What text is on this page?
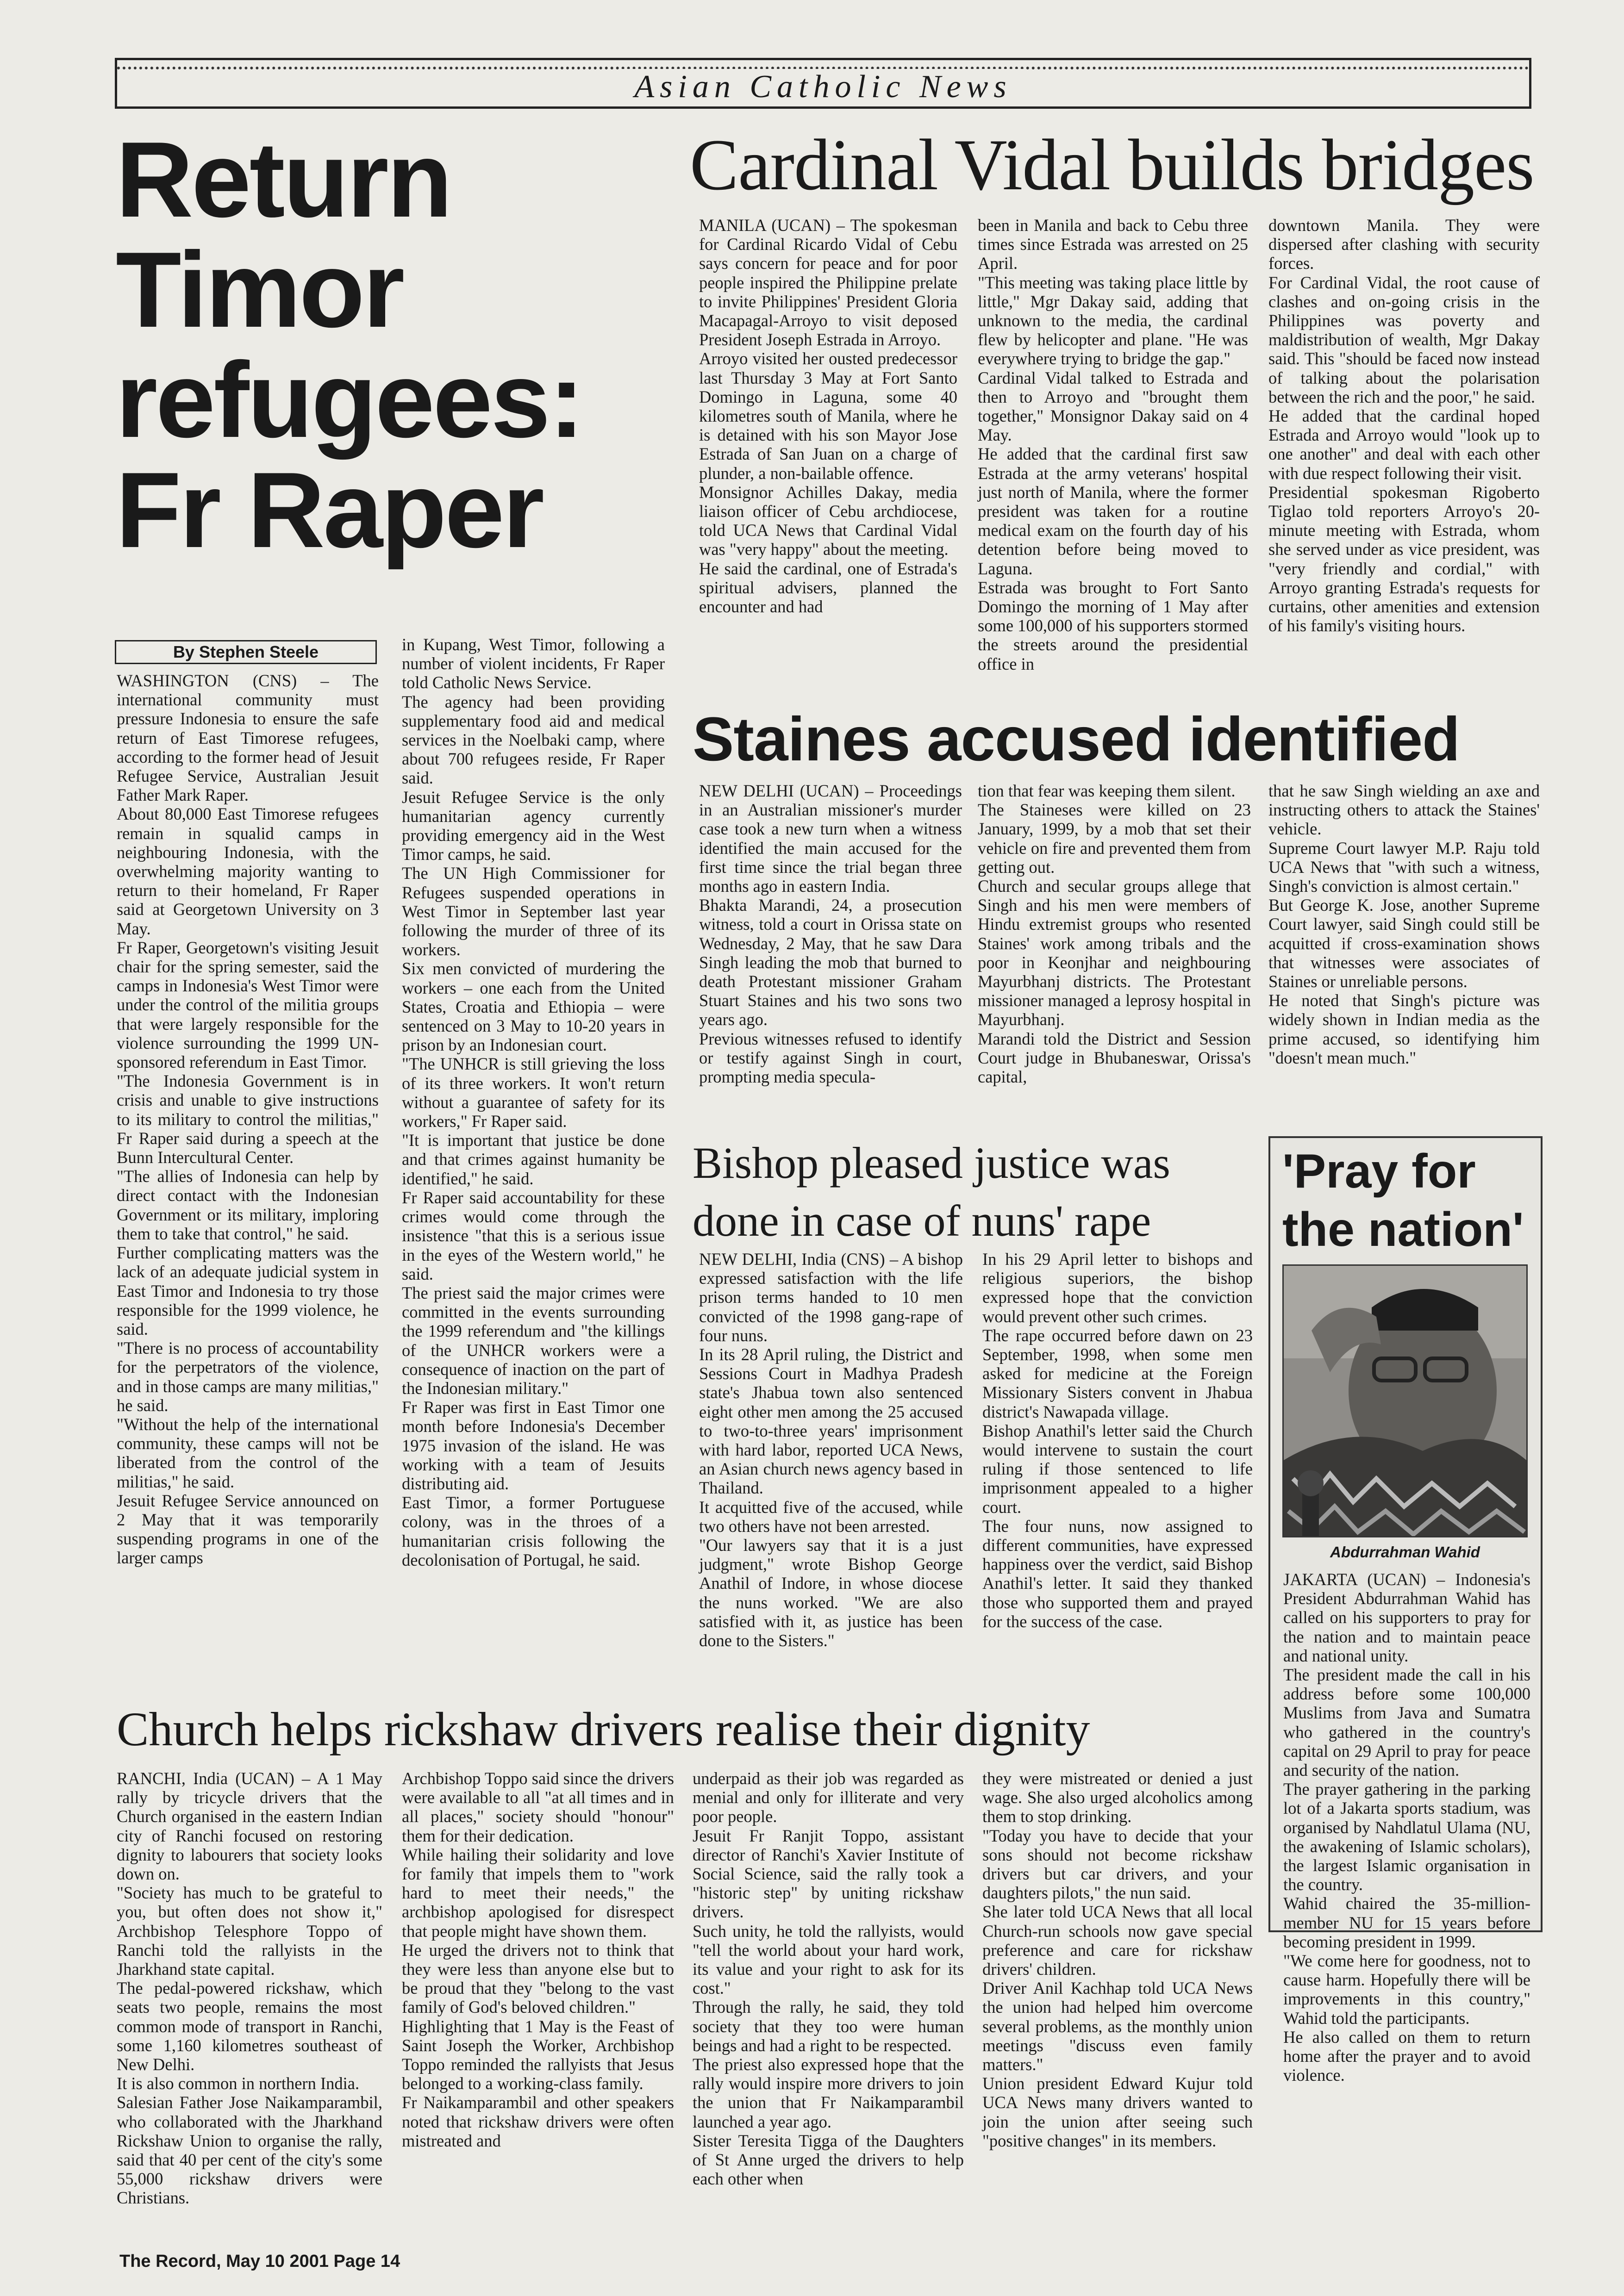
Asian Catholic News
Return
Timor
refugees:
Fr Raper
By Stephen Steele
WASHINGTON (CNS) – The international community must pressure Indonesia to ensure the safe return of East Timorese refugees, according to the former head of Jesuit Refugee Service, Australian Jesuit Father Mark Raper.
About 80,000 East Timorese refugees remain in squalid camps in neighbouring Indonesia, with the overwhelming majority wanting to return to their homeland, Fr Raper said at Georgetown University on 3 May.
Fr Raper, Georgetown's visiting Jesuit chair for the spring semester, said the camps in Indonesia's West Timor were under the control of the militia groups that were largely responsible for the violence surrounding the 1999 UN-sponsored referendum in East Timor.
"The Indonesia Government is in crisis and unable to give instructions to its military to control the militias," Fr Raper said during a speech at the Bunn Intercultural Center.
"The allies of Indonesia can help by direct contact with the Indonesian Government or its military, imploring them to take that control," he said.
Further complicating matters was the lack of an adequate judicial system in East Timor and Indonesia to try those responsible for the 1999 violence, he said.
"There is no process of accountability for the perpetrators of the violence, and in those camps are many militias," he said.
"Without the help of the international community, these camps will not be liberated from the control of the militias," he said.
Jesuit Refugee Service announced on 2 May that it was temporarily suspending programs in one of the larger camps
in Kupang, West Timor, following a number of violent incidents, Fr Raper told Catholic News Service.
The agency had been providing supplementary food aid and medical services in the Noelbaki camp, where about 700 refugees reside, Fr Raper said.
Jesuit Refugee Service is the only humanitarian agency currently providing emergency aid in the West Timor camps, he said.
The UN High Commissioner for Refugees suspended operations in West Timor in September last year following the murder of three of its workers.
Six men convicted of murdering the workers – one each from the United States, Croatia and Ethiopia – were sentenced on 3 May to 10-20 years in prison by an Indonesian court.
"The UNHCR is still grieving the loss of its three workers. It won't return without a guarantee of safety for its workers," Fr Raper said.
"It is important that justice be done and that crimes against humanity be identified," he said.
Fr Raper said accountability for these crimes would come through the insistence "that this is a serious issue in the eyes of the Western world," he said.
The priest said the major crimes were committed in the events surrounding the 1999 referendum and "the killings of the UNHCR workers were a consequence of inaction on the part of the Indonesian military."
Fr Raper was first in East Timor one month before Indonesia's December 1975 invasion of the island. He was working with a team of Jesuits distributing aid.
East Timor, a former Portuguese colony, was in the throes of a humanitarian crisis following the decolonisation of Portugal, he said.
Cardinal Vidal builds bridges
MANILA (UCAN) – The spokesman for Cardinal Ricardo Vidal of Cebu says concern for peace and for poor people inspired the Philippine prelate to invite Philippines' President Gloria Macapagal-Arroyo to visit deposed President Joseph Estrada in Arroyo.
Arroyo visited her ousted predecessor last Thursday 3 May at Fort Santo Domingo in Laguna, some 40 kilometres south of Manila, where he is detained with his son Mayor Jose Estrada of San Juan on a charge of plunder, a non-bailable offence.
Monsignor Achilles Dakay, media liaison officer of Cebu archdiocese, told UCA News that Cardinal Vidal was "very happy" about the meeting.
He said the cardinal, one of Estrada's spiritual advisers, planned the encounter and had
been in Manila and back to Cebu three times since Estrada was arrested on 25 April.
"This meeting was taking place little by little," Mgr Dakay said, adding that unknown to the media, the cardinal flew by helicopter and plane. "He was everywhere trying to bridge the gap."
Cardinal Vidal talked to Estrada and then to Arroyo and "brought them together," Monsignor Dakay said on 4 May.
He added that the cardinal first saw Estrada at the army veterans' hospital just north of Manila, where the former president was taken for a routine medical exam on the fourth day of his detention before being moved to Laguna.
Estrada was brought to Fort Santo Domingo the morning of 1 May after some 100,000 of his supporters stormed the streets around the presidential office in
downtown Manila. They were dispersed after clashing with security forces.
For Cardinal Vidal, the root cause of clashes and on-going crisis in the Philippines was poverty and maldistribution of wealth, Mgr Dakay said. This "should be faced now instead of talking about the polarisation between the rich and the poor," he said.
He added that the cardinal hoped Estrada and Arroyo would "look up to one another" and deal with each other with due respect following their visit.
Presidential spokesman Rigoberto Tiglao told reporters Arroyo's 20-minute meeting with Estrada, whom she served under as vice president, was "very friendly and cordial," with Arroyo granting Estrada's requests for curtains, other amenities and extension of his family's visiting hours.
Staines accused identified
NEW DELHI (UCAN) – Proceedings in an Australian missioner's murder case took a new turn when a witness identified the main accused for the first time since the trial began three months ago in eastern India.
Bhakta Marandi, 24, a prosecution witness, told a court in Orissa state on Wednesday, 2 May, that he saw Dara Singh leading the mob that burned to death Protestant missioner Graham Stuart Staines and his two sons two years ago.
Previous witnesses refused to identify or testify against Singh in court, prompting media specula-
tion that fear was keeping them silent.
The Staineses were killed on 23 January, 1999, by a mob that set their vehicle on fire and prevented them from getting out.
Church and secular groups allege that Singh and his men were members of Hindu extremist groups who resented Staines' work among tribals and the poor in Keonjhar and neighbouring Mayurbhanj districts. The Protestant missioner managed a leprosy hospital in Mayurbhanj.
Marandi told the District and Session Court judge in Bhubaneswar, Orissa's capital,
that he saw Singh wielding an axe and instructing others to attack the Staines' vehicle.
Supreme Court lawyer M.P. Raju told UCA News that "with such a witness, Singh's conviction is almost certain."
But George K. Jose, another Supreme Court lawyer, said Singh could still be acquitted if cross-examination shows that witnesses were associates of Staines or unreliable persons.
He noted that Singh's picture was widely shown in Indian media as the prime accused, so identifying him "doesn't mean much."
Bishop pleased justice was
done in case of nuns' rape
NEW DELHI, India (CNS) – A bishop expressed satisfaction with the life prison terms handed to 10 men convicted of the 1998 gang-rape of four nuns.
In its 28 April ruling, the District and Sessions Court in Madhya Pradesh state's Jhabua town also sentenced eight other men among the 25 accused to two-to-three years' imprisonment with hard labor, reported UCA News, an Asian church news agency based in Thailand.
It acquitted five of the accused, while two others have not been arrested.
"Our lawyers say that it is a just judgment," wrote Bishop George Anathil of Indore, in whose diocese the nuns worked. "We are also satisfied with it, as justice has been done to the Sisters."
In his 29 April letter to bishops and religious superiors, the bishop expressed hope that the conviction would prevent other such crimes.
The rape occurred before dawn on 23 September, 1998, when some men asked for medicine at the Foreign Missionary Sisters convent in Jhabua district's Nawapada village.
Bishop Anathil's letter said the Church would intervene to sustain the court ruling if those sentenced to life imprisonment appealed to a higher court.
The four nuns, now assigned to different communities, have expressed happiness over the verdict, said Bishop Anathil's letter. It said they thanked those who supported them and prayed for the success of the case.
'Pray for
the nation'
Abdurrahman Wahid
JAKARTA (UCAN) – Indonesia's President Abdurrahman Wahid has called on his supporters to pray for the nation and to maintain peace and national unity.
The president made the call in his address before some 100,000 Muslims from Java and Sumatra who gathered in the country's capital on 29 April to pray for peace and security of the nation.
The prayer gathering in the parking lot of a Jakarta sports stadium, was organised by Nahdlatul Ulama (NU, the awakening of Islamic scholars), the largest Islamic organisation in the country.
Wahid chaired the 35-million-member NU for 15 years before becoming president in 1999.
"We come here for goodness, not to cause harm. Hopefully there will be improvements in this country," Wahid told the participants.
He also called on them to return home after the prayer and to avoid violence.
Church helps rickshaw drivers realise their dignity
RANCHI, India (UCAN) – A 1 May rally by tricycle drivers that the Church organised in the eastern Indian city of Ranchi focused on restoring dignity to labourers that society looks down on.
"Society has much to be grateful to you, but often does not show it," Archbishop Telesphore Toppo of Ranchi told the rallyists in the Jharkhand state capital.
The pedal-powered rickshaw, which seats two people, remains the most common mode of transport in Ranchi, some 1,160 kilometres southeast of New Delhi.
It is also common in northern India.
Salesian Father Jose Naikamparambil, who collaborated with the Jharkhand Rickshaw Union to organise the rally, said that 40 per cent of the city's some 55,000 rickshaw drivers were Christians.
Archbishop Toppo said since the drivers were available to all "at all times and in all places," society should "honour" them for their dedication.
While hailing their solidarity and love for family that impels them to "work hard to meet their needs," the archbishop apologised for disrespect that people might have shown them.
He urged the drivers not to think that they were less than anyone else but to be proud that they "belong to the vast family of God's beloved children."
Highlighting that 1 May is the Feast of Saint Joseph the Worker, Archbishop Toppo reminded the rallyists that Jesus belonged to a working-class family.
Fr Naikamparambil and other speakers noted that rickshaw drivers were often mistreated and
underpaid as their job was regarded as menial and only for illiterate and very poor people.
Jesuit Fr Ranjit Toppo, assistant director of Ranchi's Xavier Institute of Social Science, said the rally took a "historic step" by uniting rickshaw drivers.
Such unity, he told the rallyists, would "tell the world about your hard work, its value and your right to ask for its cost."
Through the rally, he said, they told society that they too were human beings and had a right to be respected.
The priest also expressed hope that the rally would inspire more drivers to join the union that Fr Naikamparambil launched a year ago.
Sister Teresita Tigga of the Daughters of St Anne urged the drivers to help each other when
they were mistreated or denied a just wage. She also urged alcoholics among them to stop drinking.
"Today you have to decide that your sons should not become rickshaw drivers but car drivers, and your daughters pilots," the nun said.
She later told UCA News that all local Church-run schools now gave special preference and care for rickshaw drivers' children.
Driver Anil Kachhap told UCA News the union had helped him overcome several problems, as the monthly union meetings "discuss even family matters."
Union president Edward Kujur told UCA News many drivers wanted to join the union after seeing such "positive changes" in its members.
The Record, May 10 2001 Page 14
